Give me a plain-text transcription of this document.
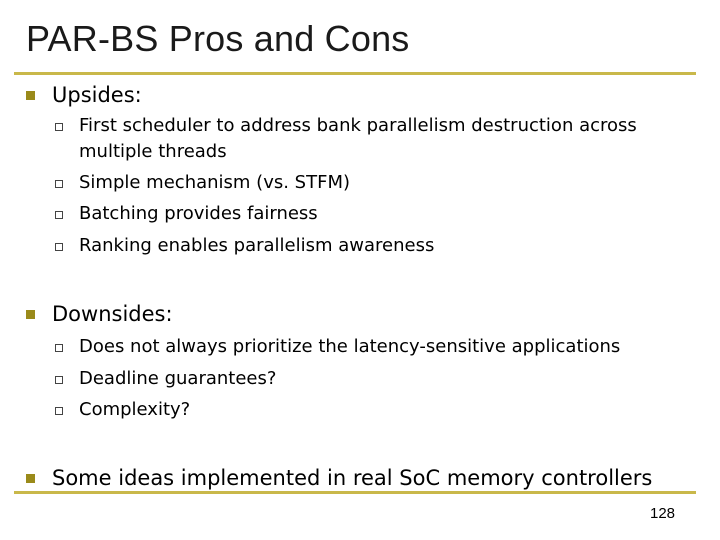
PAR-BS Pros and Cons
Upsides:
First scheduler to address bank parallelism destruction across
multiple threads
Simple mechanism (vs. STFM)
Batching provides fairness
Ranking enables parallelism awareness
Downsides:
Does not always prioritize the latency-sensitive applications
Deadline guarantees?
Complexity?
Some ideas implemented in real SoC memory controllers
128
